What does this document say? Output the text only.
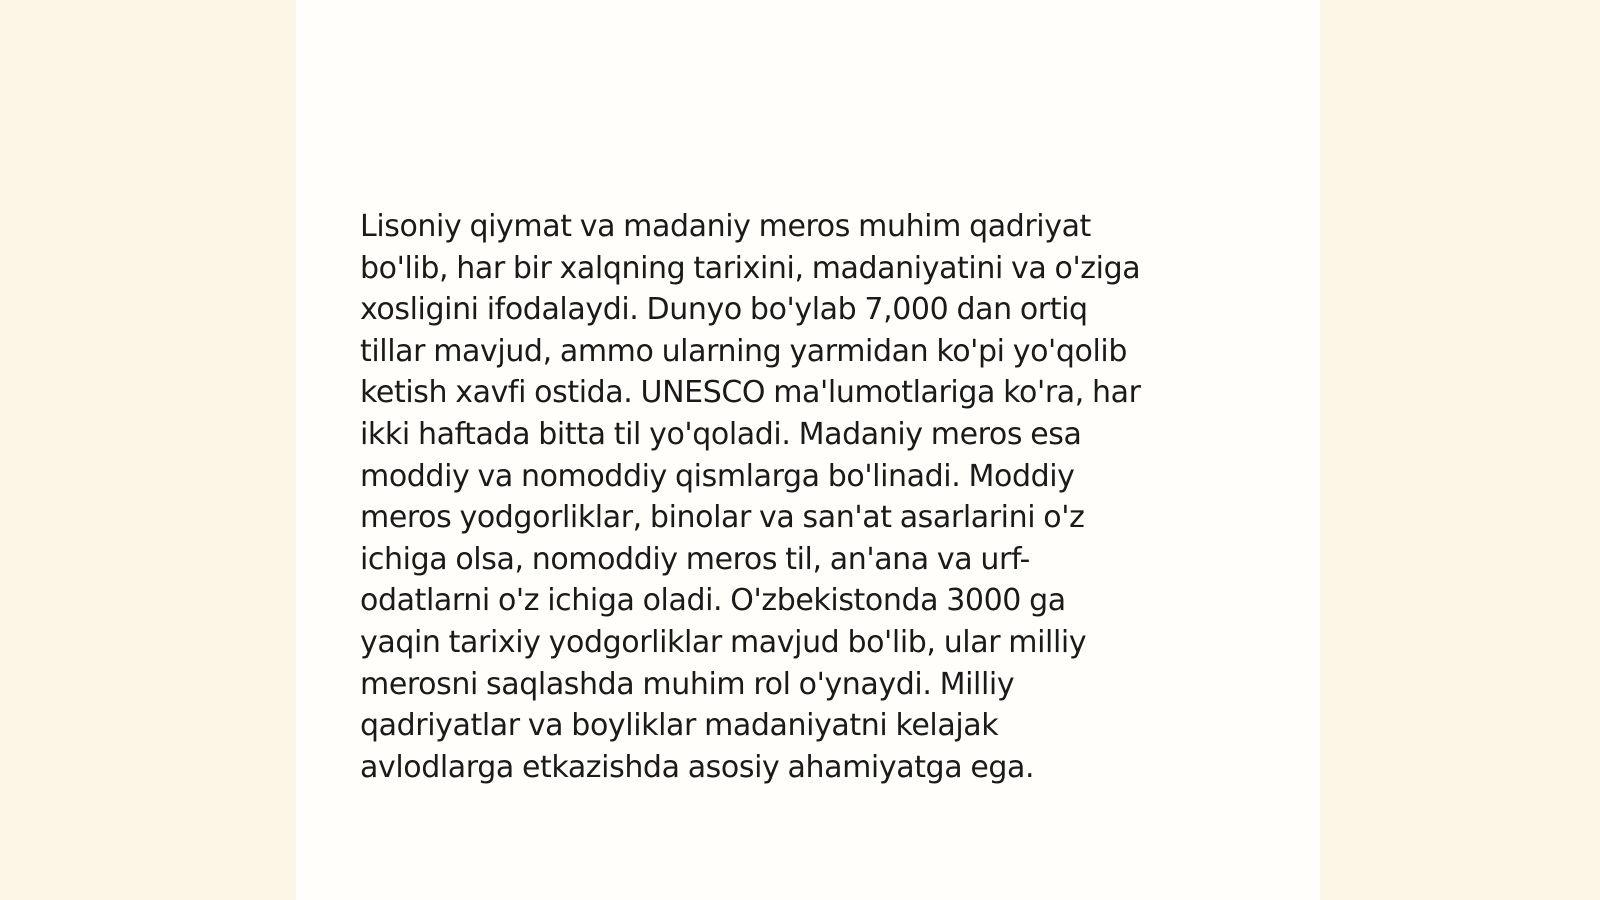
Lisoniy qiymat va madaniy meros muhim qadriyat
bo'lib, har bir xalqning tarixini, madaniyatini va o'ziga
xosligini ifodalaydi. Dunyo bo'ylab 7,000 dan ortiq
tillar mavjud, ammo ularning yarmidan ko'pi yo'qolib
ketish xavfi ostida. UNESCO ma'lumotlariga ko'ra, har
ikki haftada bitta til yo'qoladi. Madaniy meros esa
moddiy va nomoddiy qismlarga bo'linadi. Moddiy
meros yodgorliklar, binolar va san'at asarlarini o'z
ichiga olsa, nomoddiy meros til, an'ana va urf-
odatlarni o'z ichiga oladi. O'zbekistonda 3000 ga
yaqin tarixiy yodgorliklar mavjud bo'lib, ular milliy
merosni saqlashda muhim rol o'ynaydi. Milliy
qadriyatlar va boyliklar madaniyatni kelajak
avlodlarga etkazishda asosiy ahamiyatga ega.
